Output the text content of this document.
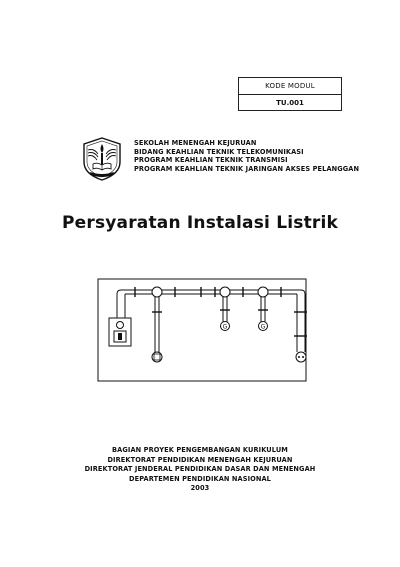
KODE MODUL
TU.001
SEKOLAH MENENGAH KEJURUAN
BIDANG KEAHLIAN TEKNIK TELEKOMUNIKASI
PROGRAM KEAHLIAN TEKNIK TRANSMISI
PROGRAM KEAHLIAN TEKNIK JARINGAN AKSES PELANGGAN
Persyaratan Instalasi Listrik
G	G
BAGIAN PROYEK PENGEMBANGAN KURIKULUM
DIREKTORAT PENDIDIKAN MENENGAH KEJURUAN
DIREKTORAT JENDERAL PENDIDIKAN DASAR DAN MENENGAH
DEPARTEMEN PENDIDIKAN NASIONAL
2003
